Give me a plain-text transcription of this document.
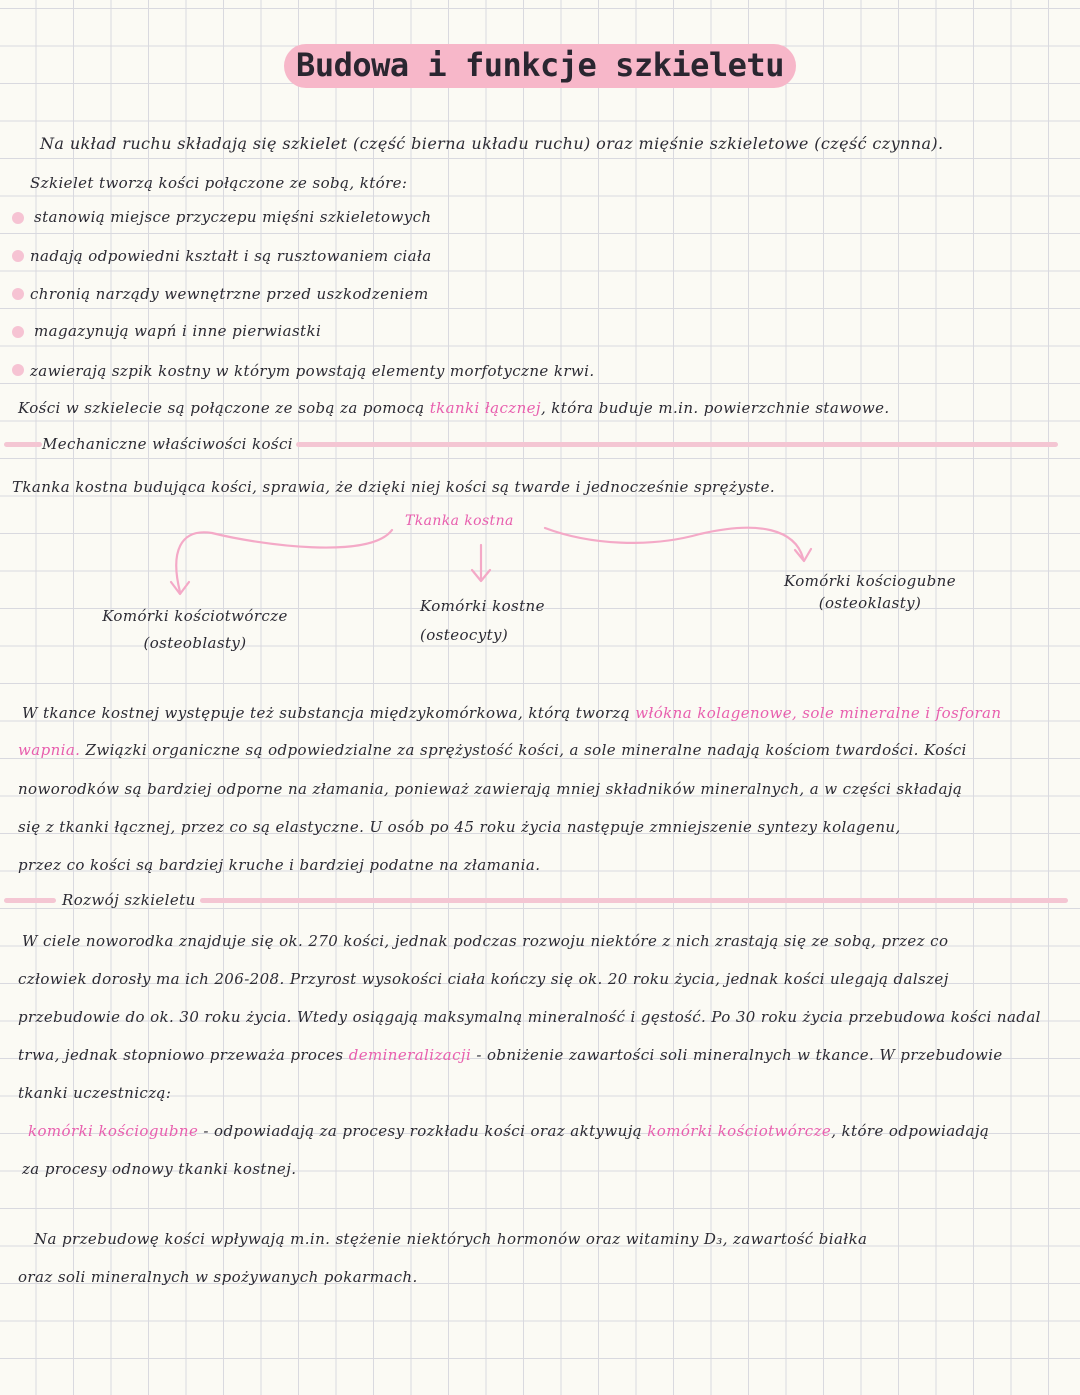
Budowa i funkcje szkieletu
Na układ ruchu składają się szkielet (część bierna układu ruchu) oraz mięśnie szkieletowe (część czynna).
Szkielet tworzą kości połączone ze sobą, które:
stanowią miejsce przyczepu mięśni szkieletowych
nadają odpowiedni kształt i są rusztowaniem ciała
chronią narządy wewnętrzne przed uszkodzeniem
magazynują wapń i inne pierwiastki
zawierają szpik kostny w którym powstają elementy morfotyczne krwi.
Kości w szkielecie są połączone ze sobą za pomocą tkanki łącznej, która buduje m.in. powierzchnie stawowe.
Mechaniczne właściwości kości
Tkanka kostna budująca kości, sprawia, że dzięki niej kości są twarde i jednocześnie sprężyste.
Tkanka kostna
Komórki kościotwórcze
(osteoblasty)
Komórki kostne
(osteocyty)
Komórki kościogubne
(osteoklasty)
W tkance kostnej występuje też substancja międzykomórkowa, którą tworzą włókna kolagenowe, sole mineralne i fosforan
wapnia. Związki organiczne są odpowiedzialne za sprężystość kości, a sole mineralne nadają kościom twardości. Kości
noworodków są bardziej odporne na złamania, ponieważ zawierają mniej składników mineralnych, a w części składają
się z tkanki łącznej, przez co są elastyczne. U osób po 45 roku życia następuje zmniejszenie syntezy kolagenu,
przez co kości są bardziej kruche i bardziej podatne na złamania.
Rozwój szkieletu
W ciele noworodka znajduje się ok. 270 kości, jednak podczas rozwoju niektóre z nich zrastają się ze sobą, przez co
człowiek dorosły ma ich 206-208. Przyrost wysokości ciała kończy się ok. 20 roku życia, jednak kości ulegają dalszej
przebudowie do ok. 30 roku życia. Wtedy osiągają maksymalną mineralność i gęstość. Po 30 roku życia przebudowa kości nadal
trwa, jednak stopniowo przeważa proces demineralizacji - obniżenie zawartości soli mineralnych w tkance. W przebudowie
tkanki uczestniczą:
komórki kościogubne - odpowiadają za procesy rozkładu kości oraz aktywują komórki kościotwórcze, które odpowiadają
za procesy odnowy tkanki kostnej.
Na przebudowę kości wpływają m.in. stężenie niektórych hormonów oraz witaminy D₃, zawartość białka
oraz soli mineralnych w spożywanych pokarmach.
